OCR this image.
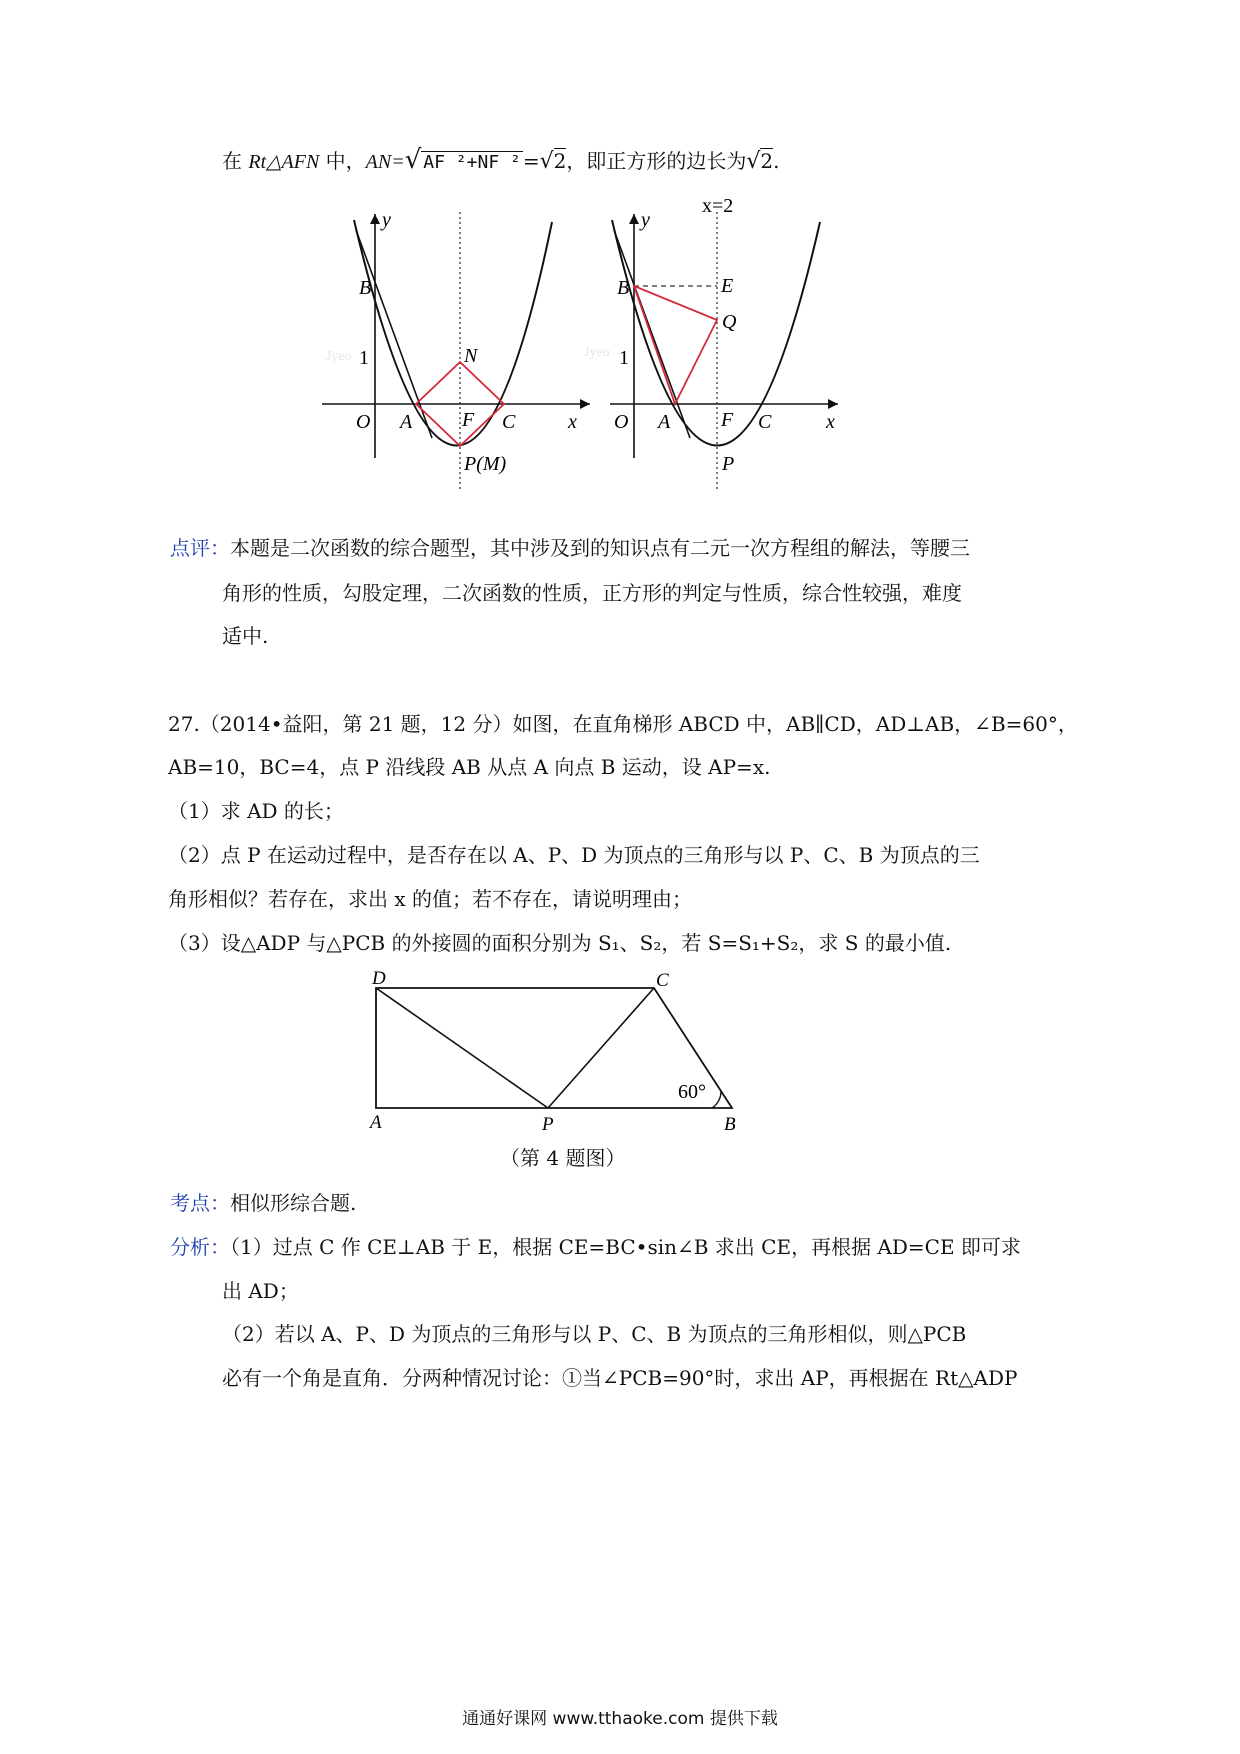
在 Rt△AFN 中，AN=√ AF ²+NF ² =√2，即正方形的边长为√2.
y
B
1	N
O A F C	x
P(M)
Jyeo
x=2
y
B	E
Q
1
O A	F C	x
P
Jyeo
点评：本题是二次函数的综合题型，其中涉及到的知识点有二元一次方程组的解法，等腰三
角形的性质，勾股定理，二次函数的性质，正方形的判定与性质，综合性较强，难度
适中.
27.（2014•益阳，第 21 题，12 分）如图，在直角梯形 ABCD 中，AB∥CD，AD⊥AB，∠B=60°，
AB=10，BC=4，点 P 沿线段 AB 从点 A 向点 B 运动，设 AP=x.
（1）求 AD 的长；
（2）点 P 在运动过程中，是否存在以 A、P、D 为顶点的三角形与以 P、C、B 为顶点的三
角形相似？若存在，求出 x 的值；若不存在，请说明理由；
（3）设△ADP 与△PCB 的外接圆的面积分别为 S₁、S₂，若 S=S₁+S₂，求 S 的最小值.
D	C
A	P	B
60°
（第 4 题图）
考点：相似形综合题.
分析：（1）过点 C 作 CE⊥AB 于 E，根据 CE=BC•sin∠B 求出 CE，再根据 AD=CE 即可求
出 AD；
（2）若以 A、P、D 为顶点的三角形与以 P、C、B 为顶点的三角形相似，则△PCB
必有一个角是直角．分两种情况讨论：①当∠PCB=90°时，求出 AP，再根据在 Rt△ADP
通通好课网 www.tthaoke.com 提供下载
